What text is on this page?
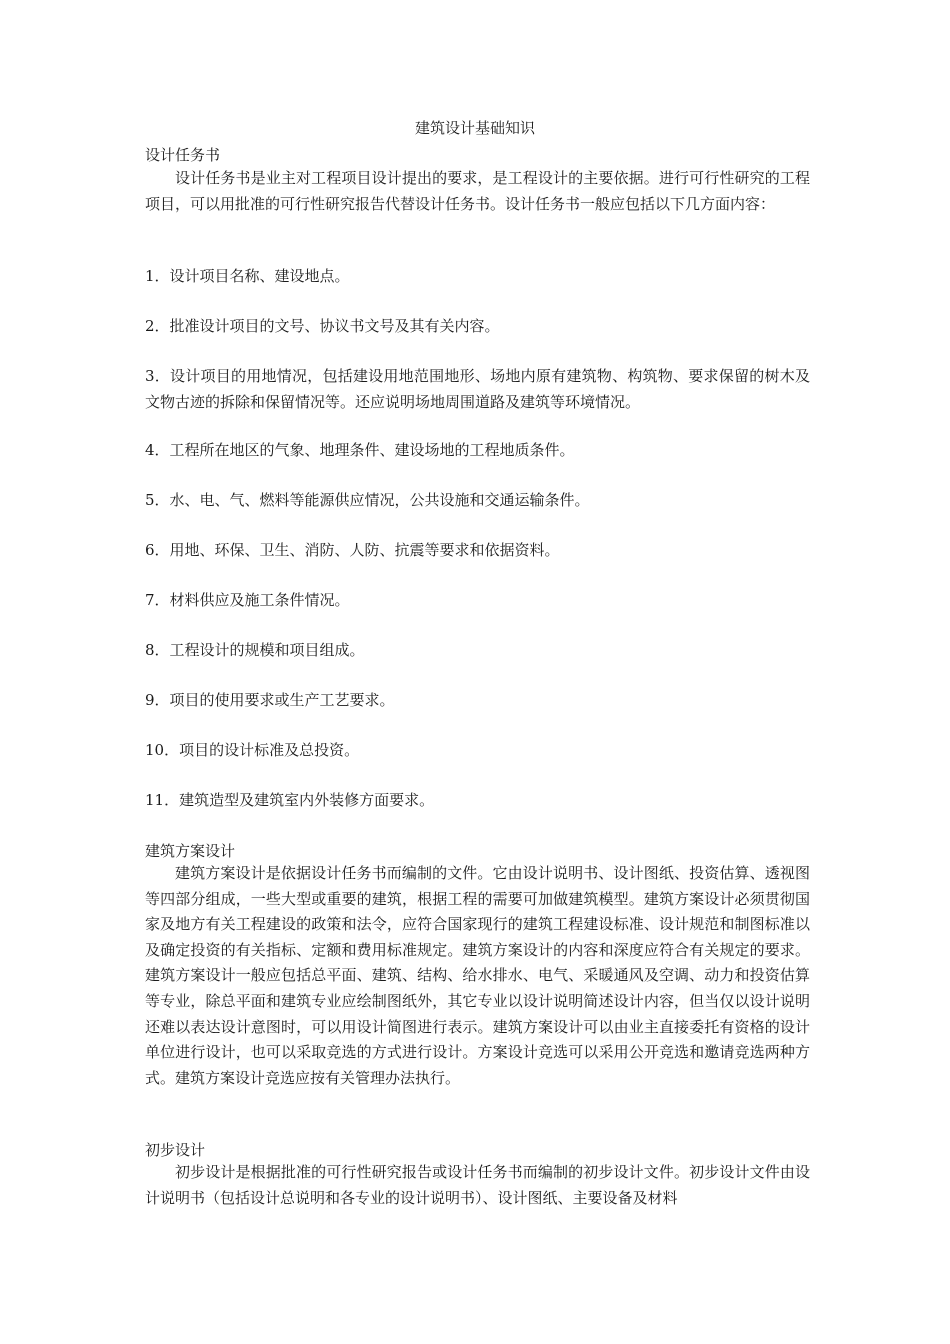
建筑设计基础知识
设计任务书
设计任务书是业主对工程项目设计提出的要求，是工程设计的主要依据。进行可行性研究的工程项目，可以用批准的可行性研究报告代替设计任务书。设计任务书一般应包括以下几方面内容：
1．设计项目名称、建设地点。
2．批准设计项目的文号、协议书文号及其有关内容。
3．设计项目的用地情况，包括建设用地范围地形、场地内原有建筑物、构筑物、要求保留的树木及文物古迹的拆除和保留情况等。还应说明场地周围道路及建筑等环境情况。
4．工程所在地区的气象、地理条件、建设场地的工程地质条件。
5．水、电、气、燃料等能源供应情况，公共设施和交通运输条件。
6．用地、环保、卫生、消防、人防、抗震等要求和依据资料。
7．材料供应及施工条件情况。
8．工程设计的规模和项目组成。
9．项目的使用要求或生产工艺要求。
10．项目的设计标准及总投资。
11．建筑造型及建筑室内外装修方面要求。
建筑方案设计
建筑方案设计是依据设计任务书而编制的文件。它由设计说明书、设计图纸、投资估算、透视图等四部分组成，一些大型或重要的建筑，根据工程的需要可加做建筑模型。建筑方案设计必须贯彻国家及地方有关工程建设的政策和法令，应符合国家现行的建筑工程建设标准、设计规范和制图标准以及确定投资的有关指标、定额和费用标准规定。建筑方案设计的内容和深度应符合有关规定的要求。建筑方案设计一般应包括总平面、建筑、结构、给水排水、电气、采暖通风及空调、动力和投资估算等专业，除总平面和建筑专业应绘制图纸外，其它专业以设计说明简述设计内容，但当仅以设计说明还难以表达设计意图时，可以用设计简图进行表示。建筑方案设计可以由业主直接委托有资格的设计单位进行设计，也可以采取竞选的方式进行设计。方案设计竞选可以采用公开竞选和邀请竞选两种方式。建筑方案设计竞选应按有关管理办法执行。
初步设计
初步设计是根据批准的可行性研究报告或设计任务书而编制的初步设计文件。初步设计文件由设计说明书（包括设计总说明和各专业的设计说明书）、设计图纸、主要设备及材料
